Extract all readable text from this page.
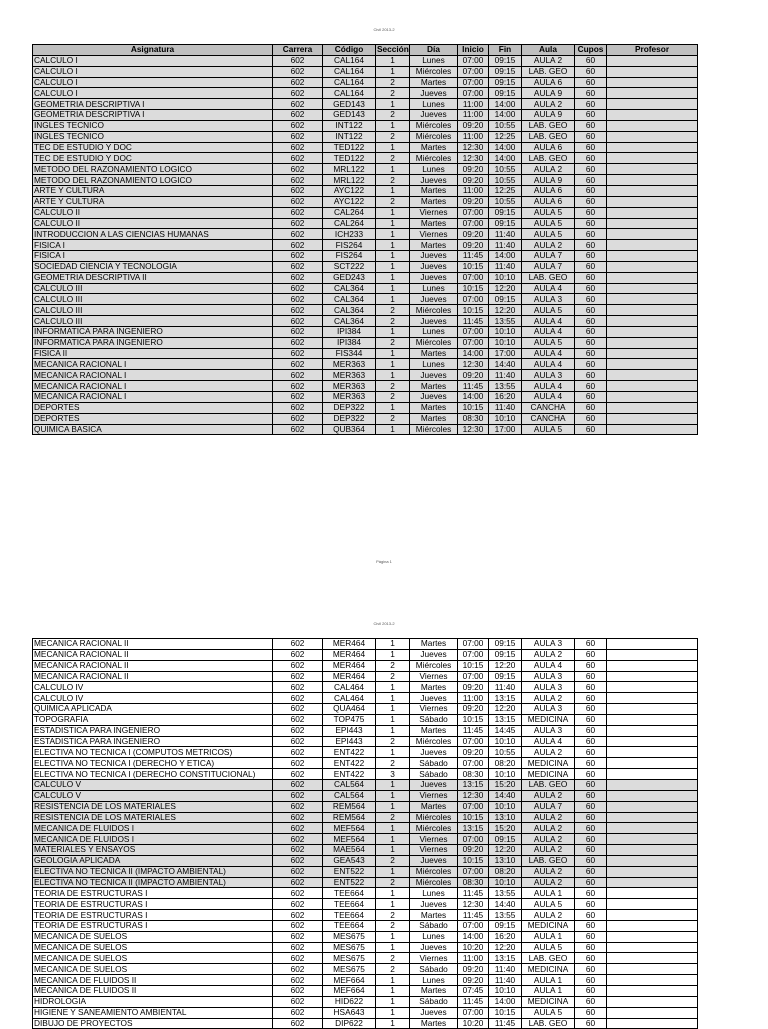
Civil 2013-2
Asignatura	Carrera	Código	Sección	Día	Inicio	Fin	Aula	Cupos	Profesor
CALCULO I	602	CAL164	1	Lunes	07:00	09:15	AULA 2	60	
CALCULO I	602	CAL164	1	Miércoles	07:00	09:15	LAB. GEO	60	
CALCULO I	602	CAL164	2	Martes	07:00	09:15	AULA 6	60	
CALCULO I	602	CAL164	2	Jueves	07:00	09:15	AULA 9	60	
GEOMETRIA DESCRIPTIVA I	602	GED143	1	Lunes	11:00	14:00	AULA 2	60	
GEOMETRIA DESCRIPTIVA I	602	GED143	2	Jueves	11:00	14:00	AULA 9	60	
INGLES TECNICO	602	INT122	1	Miércoles	09:20	10:55	LAB. GEO	60	
INGLES TECNICO	602	INT122	2	Miércoles	11:00	12:25	LAB. GEO	60	
TEC DE ESTUDIO Y DOC	602	TED122	1	Martes	12:30	14:00	AULA 6	60	
TEC DE ESTUDIO Y DOC	602	TED122	2	Miércoles	12:30	14:00	LAB. GEO	60	
METODO DEL RAZONAMIENTO LOGICO	602	MRL122	1	Lunes	09:20	10:55	AULA 2	60	
METODO DEL RAZONAMIENTO LOGICO	602	MRL122	2	Jueves	09:20	10:55	AULA 9	60	
ARTE Y CULTURA	602	AYC122	1	Martes	11:00	12:25	AULA 6	60	
ARTE Y CULTURA	602	AYC122	2	Martes	09:20	10:55	AULA 6	60	
CALCULO II	602	CAL264	1	Viernes	07:00	09:15	AULA 5	60	
CALCULO II	602	CAL264	1	Martes	07:00	09:15	AULA 5	60	
INTRODUCCION A LAS CIENCIAS HUMANAS	602	ICH233	1	Viernes	09:20	11:40	AULA 5	60	
FISICA I	602	FIS264	1	Martes	09:20	11:40	AULA 2	60	
FISICA I	602	FIS264	1	Jueves	11:45	14:00	AULA 7	60	
SOCIEDAD CIENCIA Y TECNOLOGIA	602	SCT222	1	Jueves	10:15	11:40	AULA 7	60	
GEOMETRIA DESCRIPTIVA II	602	GED243	1	Jueves	07:00	10:10	LAB. GEO	60	
CALCULO III	602	CAL364	1	Lunes	10:15	12:20	AULA 4	60	
CALCULO III	602	CAL364	1	Jueves	07:00	09:15	AULA 3	60	
CALCULO III	602	CAL364	2	Miércoles	10:15	12:20	AULA 5	60	
CALCULO III	602	CAL364	2	Jueves	11:45	13:55	AULA 4	60	
INFORMATICA PARA INGENIERO	602	IPI384	1	Lunes	07:00	10:10	AULA 4	60	
INFORMATICA PARA INGENIERO	602	IPI384	2	Miércoles	07:00	10:10	AULA 5	60	
FISICA II	602	FIS344	1	Martes	14:00	17:00	AULA 4	60	
MECANICA RACIONAL I	602	MER363	1	Lunes	12:30	14:40	AULA 4	60	
MECANICA RACIONAL I	602	MER363	1	Jueves	09:20	11:40	AULA 3	60	
MECANICA RACIONAL I	602	MER363	2	Martes	11:45	13:55	AULA 4	60	
MECANICA RACIONAL I	602	MER363	2	Jueves	14:00	16:20	AULA 4	60	
DEPORTES	602	DEP322	1	Martes	10:15	11:40	CANCHA	60	
DEPORTES	602	DEP322	2	Martes	08:30	10:10	CANCHA	60	
QUIMICA BASICA	602	QUB364	1	Miércoles	12:30	17:00	AULA 5	60	
Página 1
Civil 2013-2
MECANICA RACIONAL II	602	MER464	1	Martes	07:00	09:15	AULA 3	60	
MECANICA RACIONAL II	602	MER464	1	Jueves	07:00	09:15	AULA 2	60	
MECANICA RACIONAL II	602	MER464	2	Miércoles	10:15	12:20	AULA 4	60	
MECANICA RACIONAL II	602	MER464	2	Viernes	07:00	09:15	AULA 3	60	
CALCULO IV	602	CAL464	1	Martes	09:20	11:40	AULA 3	60	
CALCULO IV	602	CAL464	1	Jueves	11:00	13:15	AULA 2	60	
QUIMICA APLICADA	602	QUA464	1	Viernes	09:20	12:20	AULA 3	60	
TOPOGRAFIA	602	TOP475	1	Sábado	10:15	13:15	MEDICINA	60	
ESTADISTICA PARA INGENIERO	602	EPI443	1	Martes	11:45	14:45	AULA 3	60	
ESTADISTICA PARA INGENIERO	602	EPI443	2	Miércoles	07:00	10:10	AULA 4	60	
ELECTIVA NO TECNICA I (COMPUTOS METRICOS)	602	ENT422	1	Jueves	09:20	10:55	AULA 2	60	
ELECTIVA NO TECNICA I (DERECHO Y ETICA)	602	ENT422	2	Sábado	07:00	08:20	MEDICINA	60	
ELECTIVA NO TECNICA I (DERECHO CONSTITUCIONAL)	602	ENT422	3	Sábado	08:30	10:10	MEDICINA	60	
CALCULO V	602	CAL564	1	Jueves	13:15	15:20	LAB. GEO	60	
CALCULO V	602	CAL564	1	Viernes	12:30	14:40	AULA 2	60	
RESISTENCIA DE LOS MATERIALES	602	REM564	1	Martes	07:00	10:10	AULA 7	60	
RESISTENCIA DE LOS MATERIALES	602	REM564	2	Miércoles	10:15	13:10	AULA 2	60	
MECANICA DE FLUIDOS I	602	MEF564	1	Miércoles	13:15	15:20	AULA 2	60	
MECANICA DE FLUIDOS I	602	MEF564	1	Viernes	07:00	09:15	AULA 2	60	
MATERIALES Y ENSAYOS	602	MAE564	1	Viernes	09:20	12:20	AULA 2	60	
GEOLOGIA APLICADA	602	GEA543	2	Jueves	10:15	13:10	LAB. GEO	60	
ELECTIVA NO TECNICA II (IMPACTO AMBIENTAL)	602	ENT522	1	Miércoles	07:00	08:20	AULA 2	60	
ELECTIVA NO TECNICA II (IMPACTO AMBIENTAL)	602	ENT522	2	Miércoles	08:30	10:10	AULA 2	60	
TEORIA DE ESTRUCTURAS I	602	TEE664	1	Lunes	11:45	13:55	AULA 1	60	
TEORIA DE ESTRUCTURAS I	602	TEE664	1	Jueves	12:30	14:40	AULA 5	60	
TEORIA DE ESTRUCTURAS I	602	TEE664	2	Martes	11:45	13:55	AULA 2	60	
TEORIA DE ESTRUCTURAS I	602	TEE664	2	Sábado	07:00	09:15	MEDICINA	60	
MECANICA DE SUELOS	602	MES675	1	Lunes	14:00	16:20	AULA 1	60	
MECANICA DE SUELOS	602	MES675	1	Jueves	10:20	12:20	AULA 5	60	
MECANICA DE SUELOS	602	MES675	2	Viernes	11:00	13:15	LAB. GEO	60	
MECANICA DE SUELOS	602	MES675	2	Sábado	09:20	11:40	MEDICINA	60	
MECANICA DE FLUIDOS II	602	MEF664	1	Lunes	09:20	11:40	AULA 1	60	
MECANICA DE FLUIDOS II	602	MEF664	1	Martes	07:45	10:10	AULA 1	60	
HIDROLOGIA	602	HID622	1	Sábado	11:45	14:00	MEDICINA	60	
HIGIENE Y SANEAMIENTO AMBIENTAL	602	HSA643	1	Jueves	07:00	10:15	AULA 5	60	
DIBUJO DE PROYECTOS	602	DIP622	1	Martes	10:20	11:45	LAB. GEO	60	
